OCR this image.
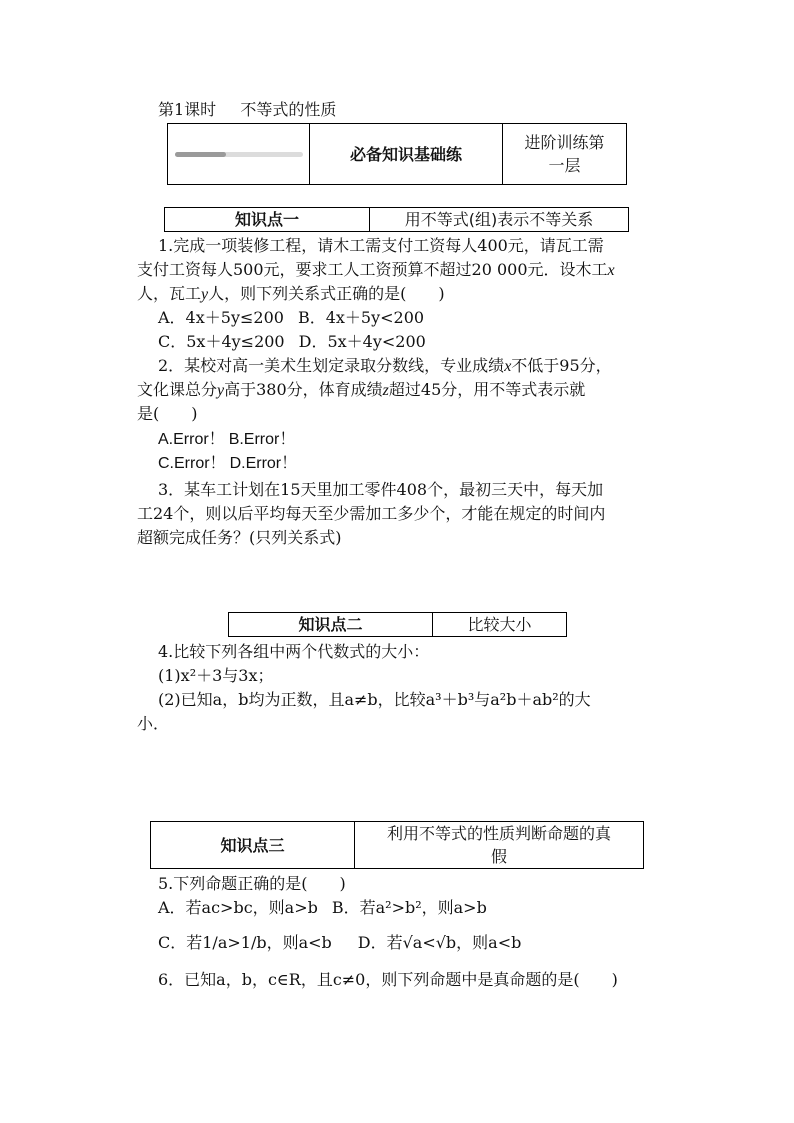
第1课时 不等式的性质
必备知识基础练
进阶训练第
一层
知识点一	用不等式(组)表示不等关系
1.完成一项装修工程，请木工需支付工资每人400元，请瓦工需
支付工资每人500元，要求工人工资预算不超过20 000元．设木工x
人，瓦工y人，则下列关系式正确的是(　　)
A．4x＋5y≤200 B．4x＋5y<200
C．5x＋4y≤200 D．5x＋4y<200
2．某校对高一美术生划定录取分数线，专业成绩x不低于95分，
文化课总分y高于380分，体育成绩z超过45分，用不等式表示就
是(　　)
A.Error！ B.Error！
C.Error！ D.Error！
3．某车工计划在15天里加工零件408个，最初三天中，每天加
工24个，则以后平均每天至少需加工多少个，才能在规定的时间内
超额完成任务？(只列关系式)
知识点二	比较大小
4.比较下列各组中两个代数式的大小：
(1)x²＋3与3x；
(2)已知a，b均为正数，且a≠b，比较a³＋b³与a²b＋ab²的大
小．
知识点三
利用不等式的性质判断命题的真
假
5.下列命题正确的是(　　)
A．若ac>bc，则a>b B．若a²>b²，则a>b
C．若1/a>1/b，则a<b D．若√a<√b，则a<b
6．已知a，b，c∈R，且c≠0，则下列命题中是真命题的是(　　)
